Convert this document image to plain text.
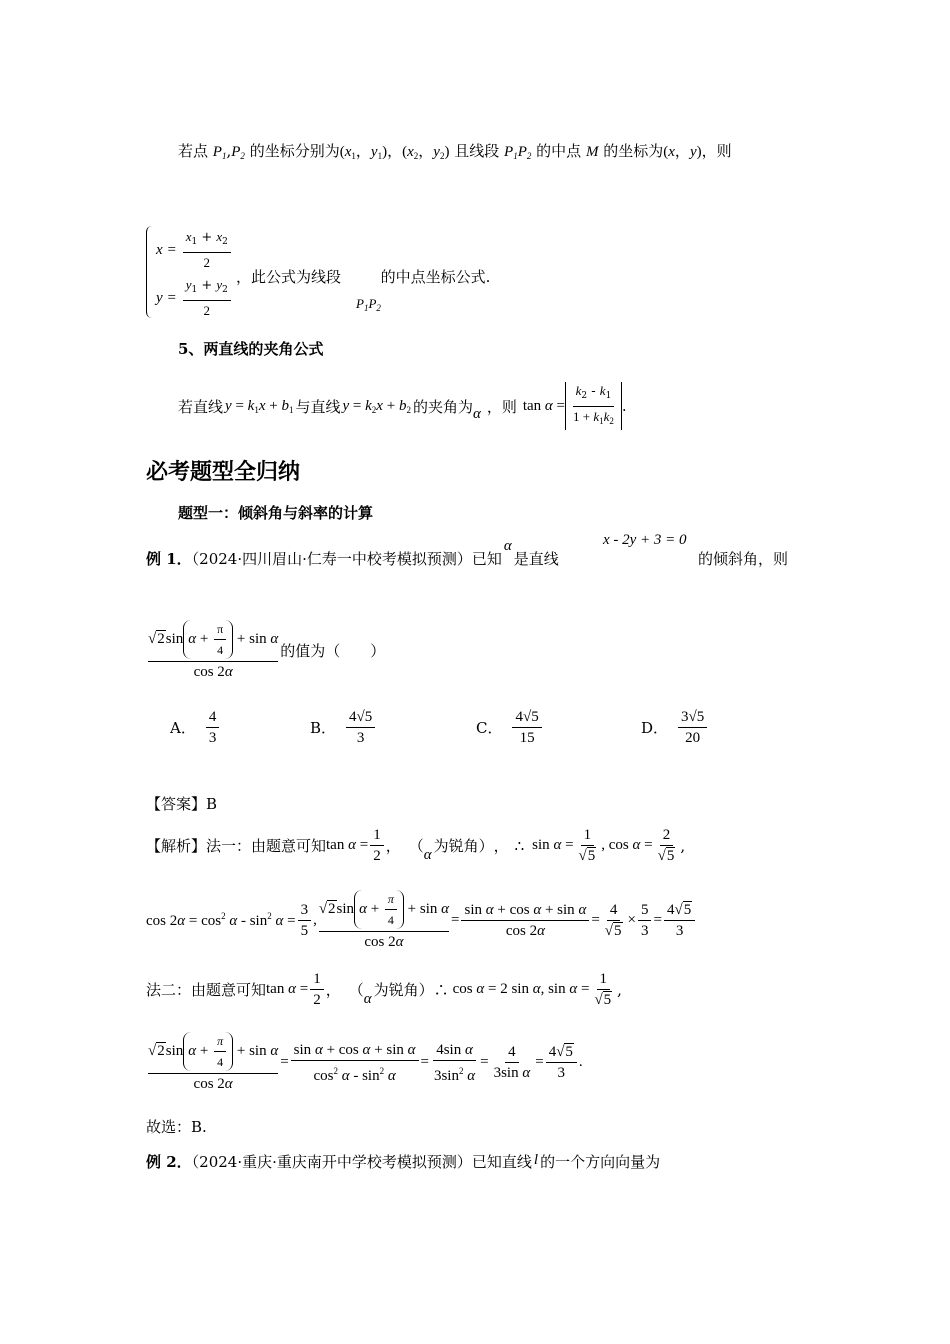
若点 $P_1,P_2$ 的坐标分别为($x_1$，$y_1$)，($x_2$，$y_2$) 且线段 $P_1P_2$ 的中点 M 的坐标为(x，y)，则
$x = \frac{x_1 + x_2}{2}$
$y = \frac{y_1 + y_2}{2}$ ，此公式为线段	的中点坐标公式.
$P_1P_2$
5、两直线的夹角公式
若直线 $y = k_1x + b_1$ 与直线 $y = k_2x + b_2$ 的夹角为 α ，则 $\tan \alpha = \frac{k_2 - k_1}{1 + k_1k_2}$ .
必考题型全归纳
题型一：倾斜角与斜率的计算
例 1．（2024·四川眉山·仁寿一中校考模拟预测）已知α是直线
x - 2y + 3 = 0
的倾斜角，则
$\frac{√2\sin \alpha + \frac{\pi}{4} + \sin \alpha}{\cos 2\alpha}$ 的值为（　　）
A． $\frac{4}{3}$	B． $\frac{4√5}{3}$	C． $\frac{4√5}{15}$	D． $\frac{3√5}{20}$
【答案】B
【解析】法一：由题意可知 $\tan \alpha = \frac{1}{2}$ ， （ α 为锐角） ， ∴ $\sin \alpha = \frac{1}{√5}$ , $\cos \alpha = \frac{2}{√5}$ ,
$\cos 2\alpha = \cos^2 \alpha - \sin^2 \alpha = \frac{3}{5}$ , $\frac{√2\sin \alpha + \frac{\pi}{4} + \sin \alpha}{\cos 2\alpha} = \frac{\text{sin α + cos α + sin α}}{\cos 2\alpha} = \frac{4}{√5} \times \frac{5}{3} = \frac{4√5}{3}$
法二：由题意可知 $\tan \alpha = \frac{1}{2}$ ， （ α 为锐角）∴ cos α = 2 sin α, $\sin \alpha = \frac{1}{√5}$ ,
$\frac{√2\sin \alpha + \frac{\pi}{4} + \sin \alpha}{\cos 2\alpha} = \frac{\text{sin α + cos α + sin α}}{\cos^2 \alpha - \sin^2 \alpha} = \frac{\text{4sin α}}{3\sin^2 \alpha} = \frac{4}{\text{3sin α}} = \frac{4√5}{3}$ .
故选：B.
例 2．（2024·重庆·重庆南开中学校考模拟预测）已知直线 l 的一个方向向量为
